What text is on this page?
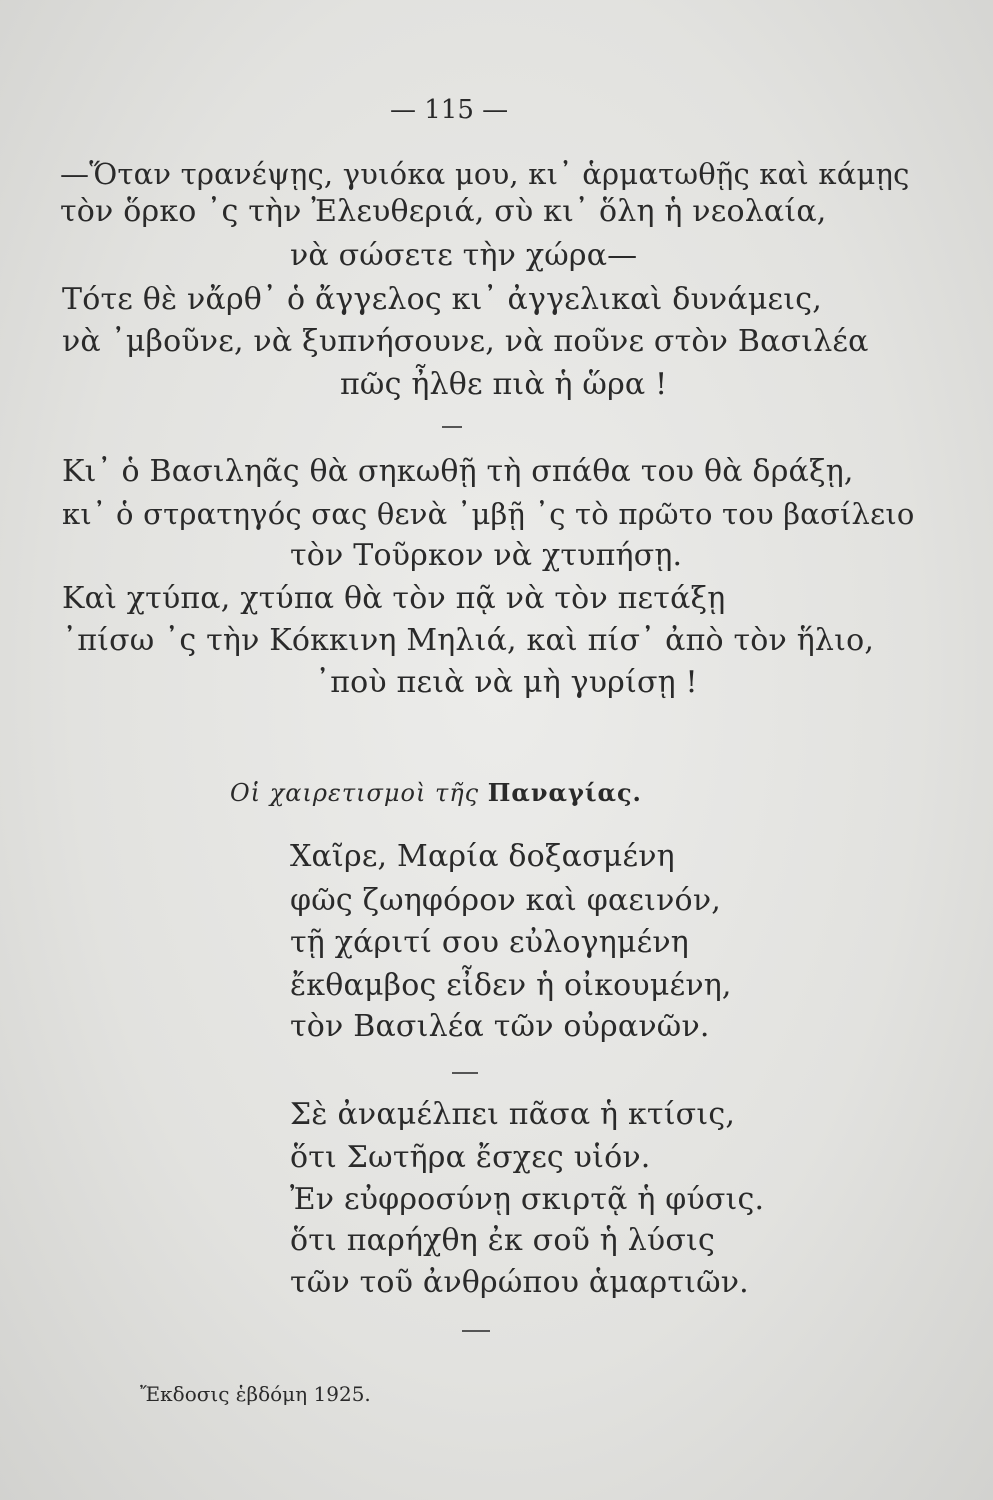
— 115 —
—Ὅταν τρανέψῃς, γυιόκα μου, κι᾽ ἁρματωθῇς καὶ κάμῃς
τὸν ὅρκο ᾽ς τὴν Ἐλευθεριά, σὺ κι᾽ ὅλη ἡ νεολαία,
νὰ σώσετε τὴν χώρα—
Τότε θὲ νἄρθ᾽ ὁ ἄγγελος κι᾽ ἀγγελικαὶ δυνάμεις,
νὰ ᾽μβοῦνε, νὰ ξυπνήσουνε, νὰ ποῦνε στὸν Βασιλέα
πῶς ἦλθε πιὰ ἡ ὥρα !
Κι᾽ ὁ Βασιληᾶς θὰ σηκωθῇ τὴ σπάθα του θὰ δράξῃ,
κι᾽ ὁ στρατηγός σας θενὰ ᾽μβῇ ᾽ς τὸ πρῶτο του βασίλειο
τὸν Τοῦρκον νὰ χτυπήσῃ.
Καὶ χτύπα, χτύπα θὰ τὸν πᾷ νὰ τὸν πετάξῃ
᾽πίσω ᾽ς τὴν Κόκκινη Μηλιά, καὶ πίσ᾽ ἀπὸ τὸν ἥλιο,
᾽ποὺ πειὰ νὰ μὴ γυρίσῃ !
Οἱ χαιρετισμοὶ τῆς Παναγίας.
Χαῖρε, Μαρία δοξασμένη
φῶς ζωηφόρον καὶ φαεινόν,
τῇ χάριτί σου εὐλογημένη
ἔκθαμβος εἶδεν ἡ οἰκουμένη,
τὸν Βασιλέα τῶν οὐρανῶν.
Σὲ ἀναμέλπει πᾶσα ἡ κτίσις,
ὅτι Σωτῆρα ἔσχες υἱόν.
Ἐν εὐφροσύνῃ σκιρτᾷ ἡ φύσις.
ὅτι παρήχθη ἐκ σοῦ ἡ λύσις
τῶν τοῦ ἀνθρώπου ἁμαρτιῶν.
Ἔκδοσις ἑβδόμη 1925.
